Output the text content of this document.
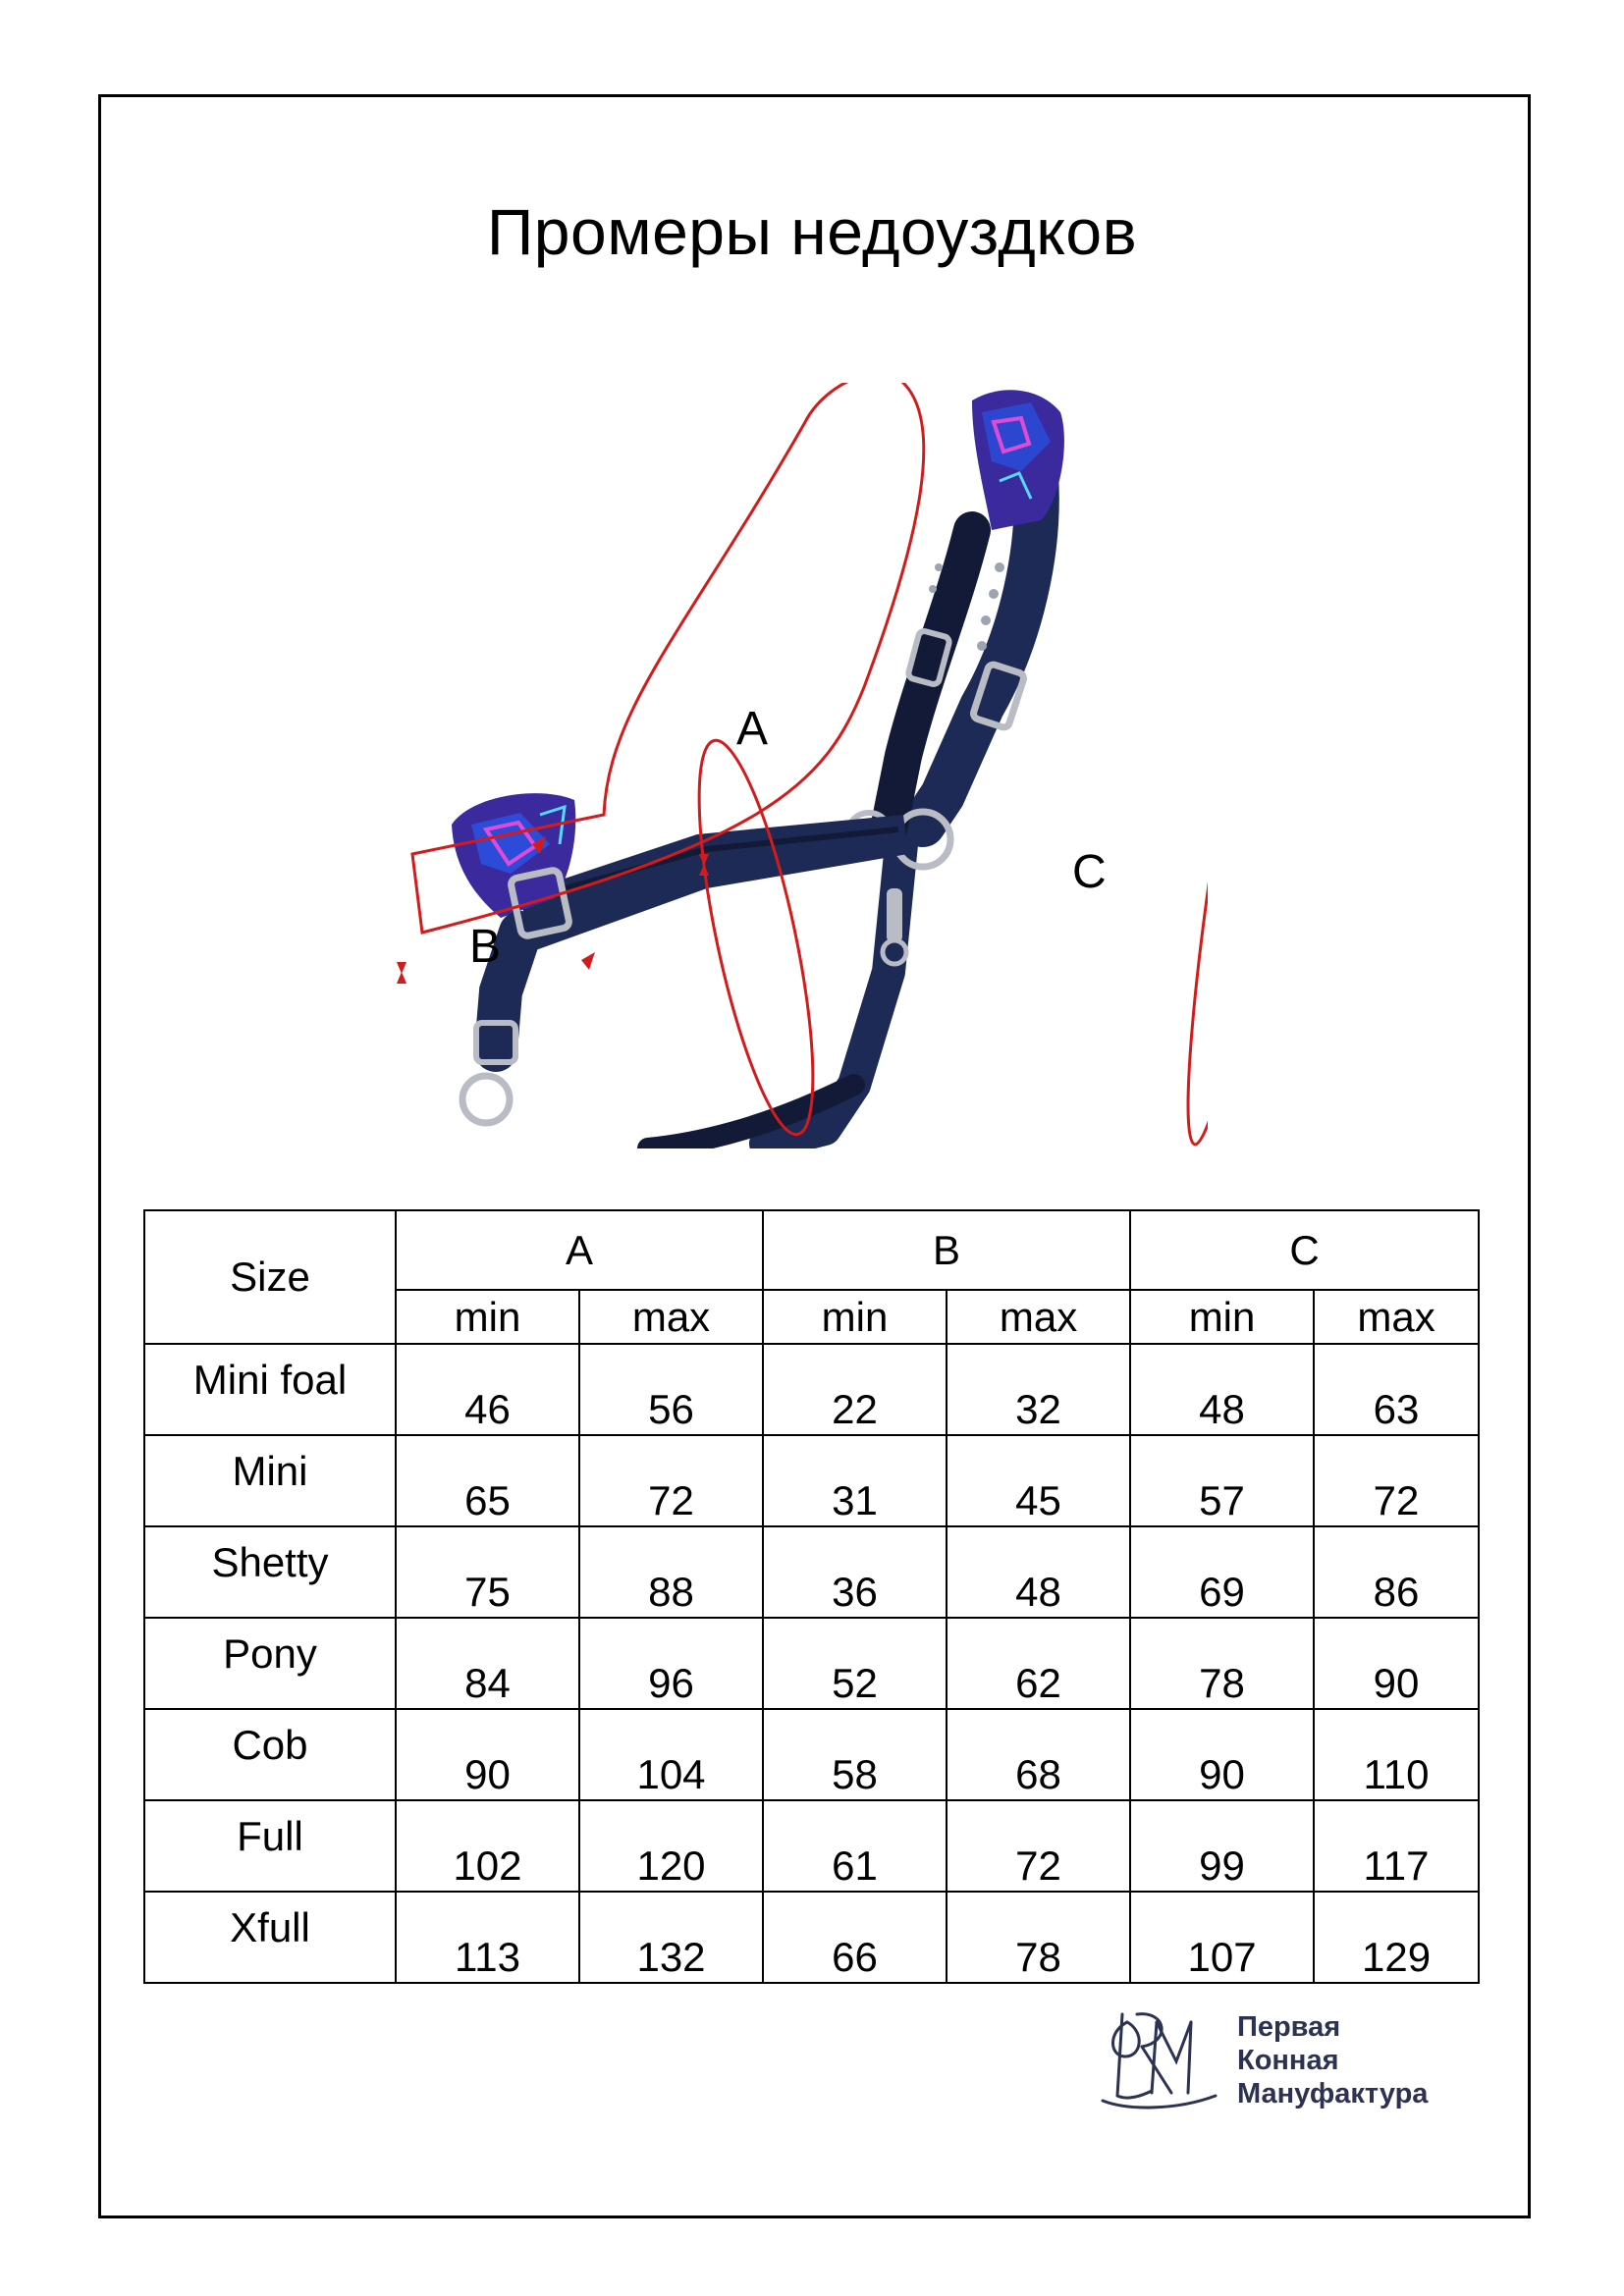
Промеры недоуздков
A
B
C
Size	A		B		C	
	min	max	min	max	min	max
Mini foal	46	56	22	32	48	63
Mini	65	72	31	45	57	72
Shetty	75	88	36	48	69	86
Pony	84	96	52	62	78	90
Cob	90	104	58	68	90	110
Full	102	120	61	72	99	117
Xfull	113	132	66	78	107	129
Первая
Конная
Мануфактура
